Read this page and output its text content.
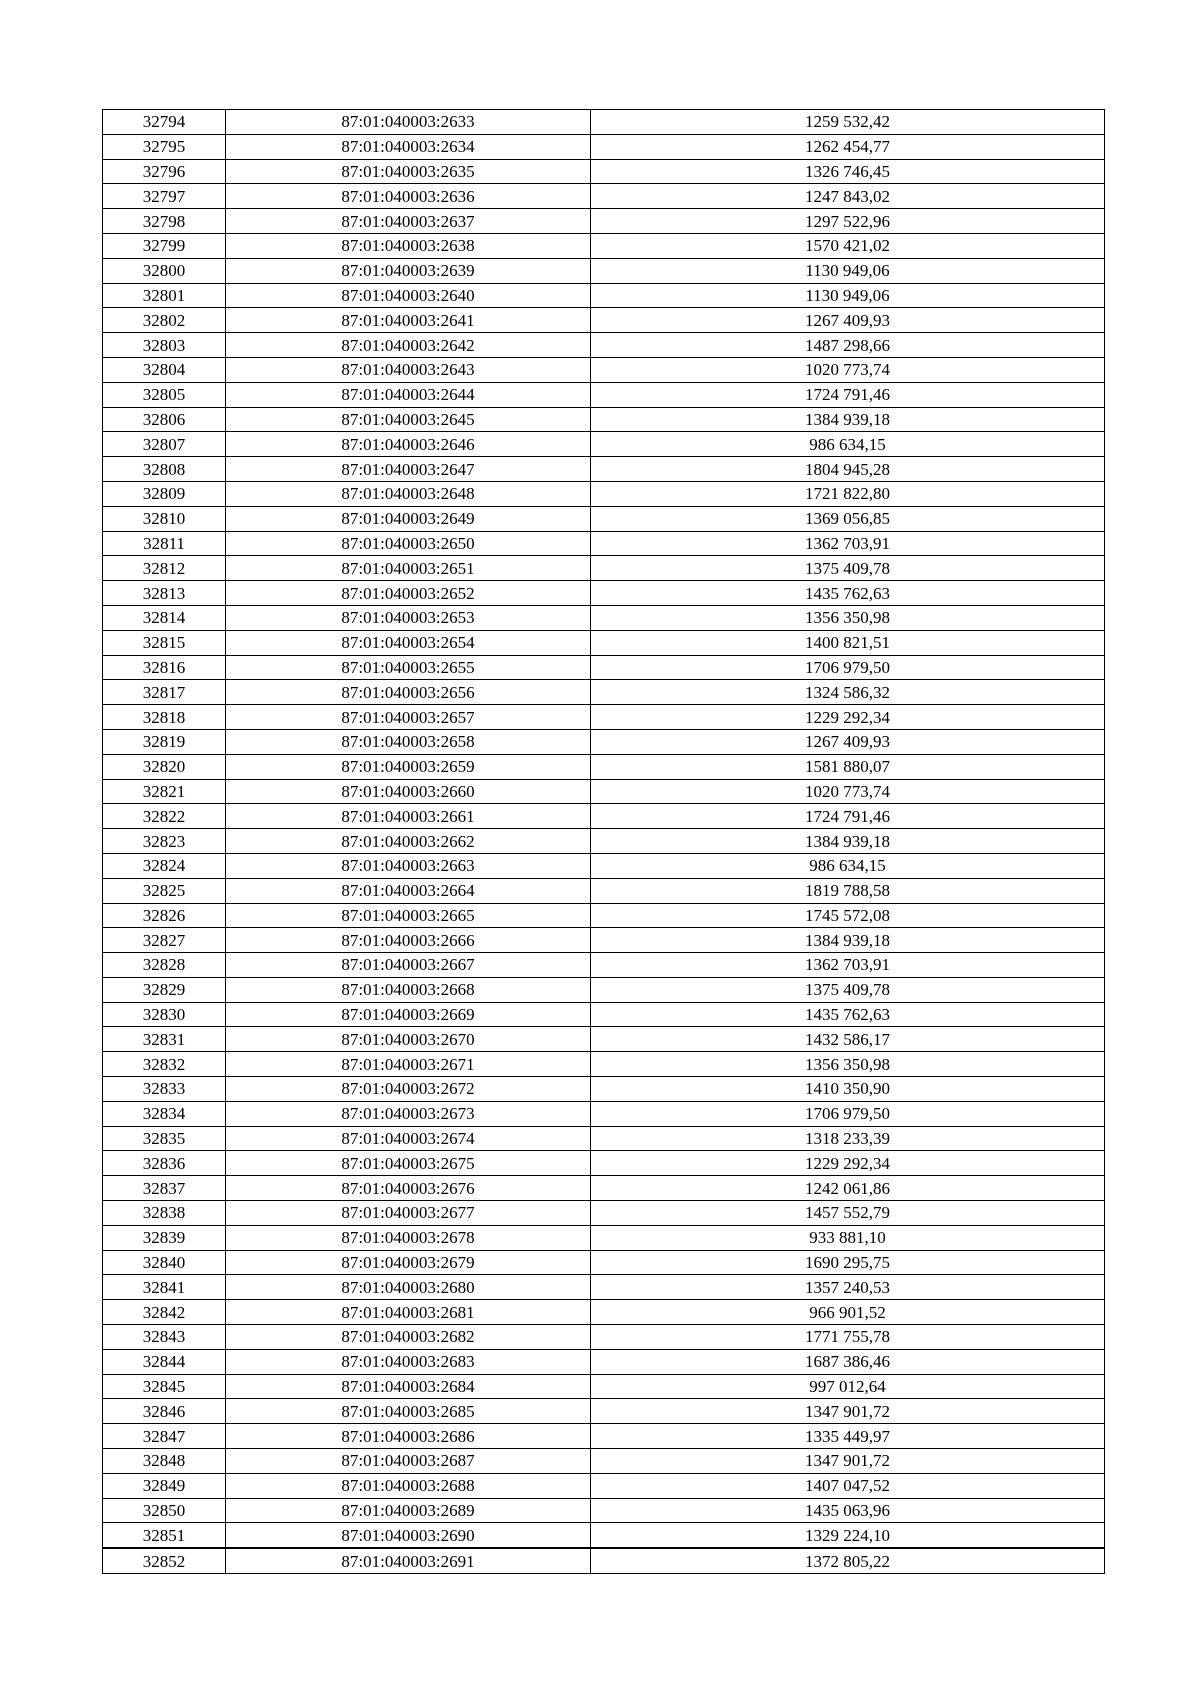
32794	87:01:040003:2633	1259 532,42
32795	87:01:040003:2634	1262 454,77
32796	87:01:040003:2635	1326 746,45
32797	87:01:040003:2636	1247 843,02
32798	87:01:040003:2637	1297 522,96
32799	87:01:040003:2638	1570 421,02
32800	87:01:040003:2639	1130 949,06
32801	87:01:040003:2640	1130 949,06
32802	87:01:040003:2641	1267 409,93
32803	87:01:040003:2642	1487 298,66
32804	87:01:040003:2643	1020 773,74
32805	87:01:040003:2644	1724 791,46
32806	87:01:040003:2645	1384 939,18
32807	87:01:040003:2646	986 634,15
32808	87:01:040003:2647	1804 945,28
32809	87:01:040003:2648	1721 822,80
32810	87:01:040003:2649	1369 056,85
32811	87:01:040003:2650	1362 703,91
32812	87:01:040003:2651	1375 409,78
32813	87:01:040003:2652	1435 762,63
32814	87:01:040003:2653	1356 350,98
32815	87:01:040003:2654	1400 821,51
32816	87:01:040003:2655	1706 979,50
32817	87:01:040003:2656	1324 586,32
32818	87:01:040003:2657	1229 292,34
32819	87:01:040003:2658	1267 409,93
32820	87:01:040003:2659	1581 880,07
32821	87:01:040003:2660	1020 773,74
32822	87:01:040003:2661	1724 791,46
32823	87:01:040003:2662	1384 939,18
32824	87:01:040003:2663	986 634,15
32825	87:01:040003:2664	1819 788,58
32826	87:01:040003:2665	1745 572,08
32827	87:01:040003:2666	1384 939,18
32828	87:01:040003:2667	1362 703,91
32829	87:01:040003:2668	1375 409,78
32830	87:01:040003:2669	1435 762,63
32831	87:01:040003:2670	1432 586,17
32832	87:01:040003:2671	1356 350,98
32833	87:01:040003:2672	1410 350,90
32834	87:01:040003:2673	1706 979,50
32835	87:01:040003:2674	1318 233,39
32836	87:01:040003:2675	1229 292,34
32837	87:01:040003:2676	1242 061,86
32838	87:01:040003:2677	1457 552,79
32839	87:01:040003:2678	933 881,10
32840	87:01:040003:2679	1690 295,75
32841	87:01:040003:2680	1357 240,53
32842	87:01:040003:2681	966 901,52
32843	87:01:040003:2682	1771 755,78
32844	87:01:040003:2683	1687 386,46
32845	87:01:040003:2684	997 012,64
32846	87:01:040003:2685	1347 901,72
32847	87:01:040003:2686	1335 449,97
32848	87:01:040003:2687	1347 901,72
32849	87:01:040003:2688	1407 047,52
32850	87:01:040003:2689	1435 063,96
32851	87:01:040003:2690	1329 224,10
32852	87:01:040003:2691	1372 805,22
